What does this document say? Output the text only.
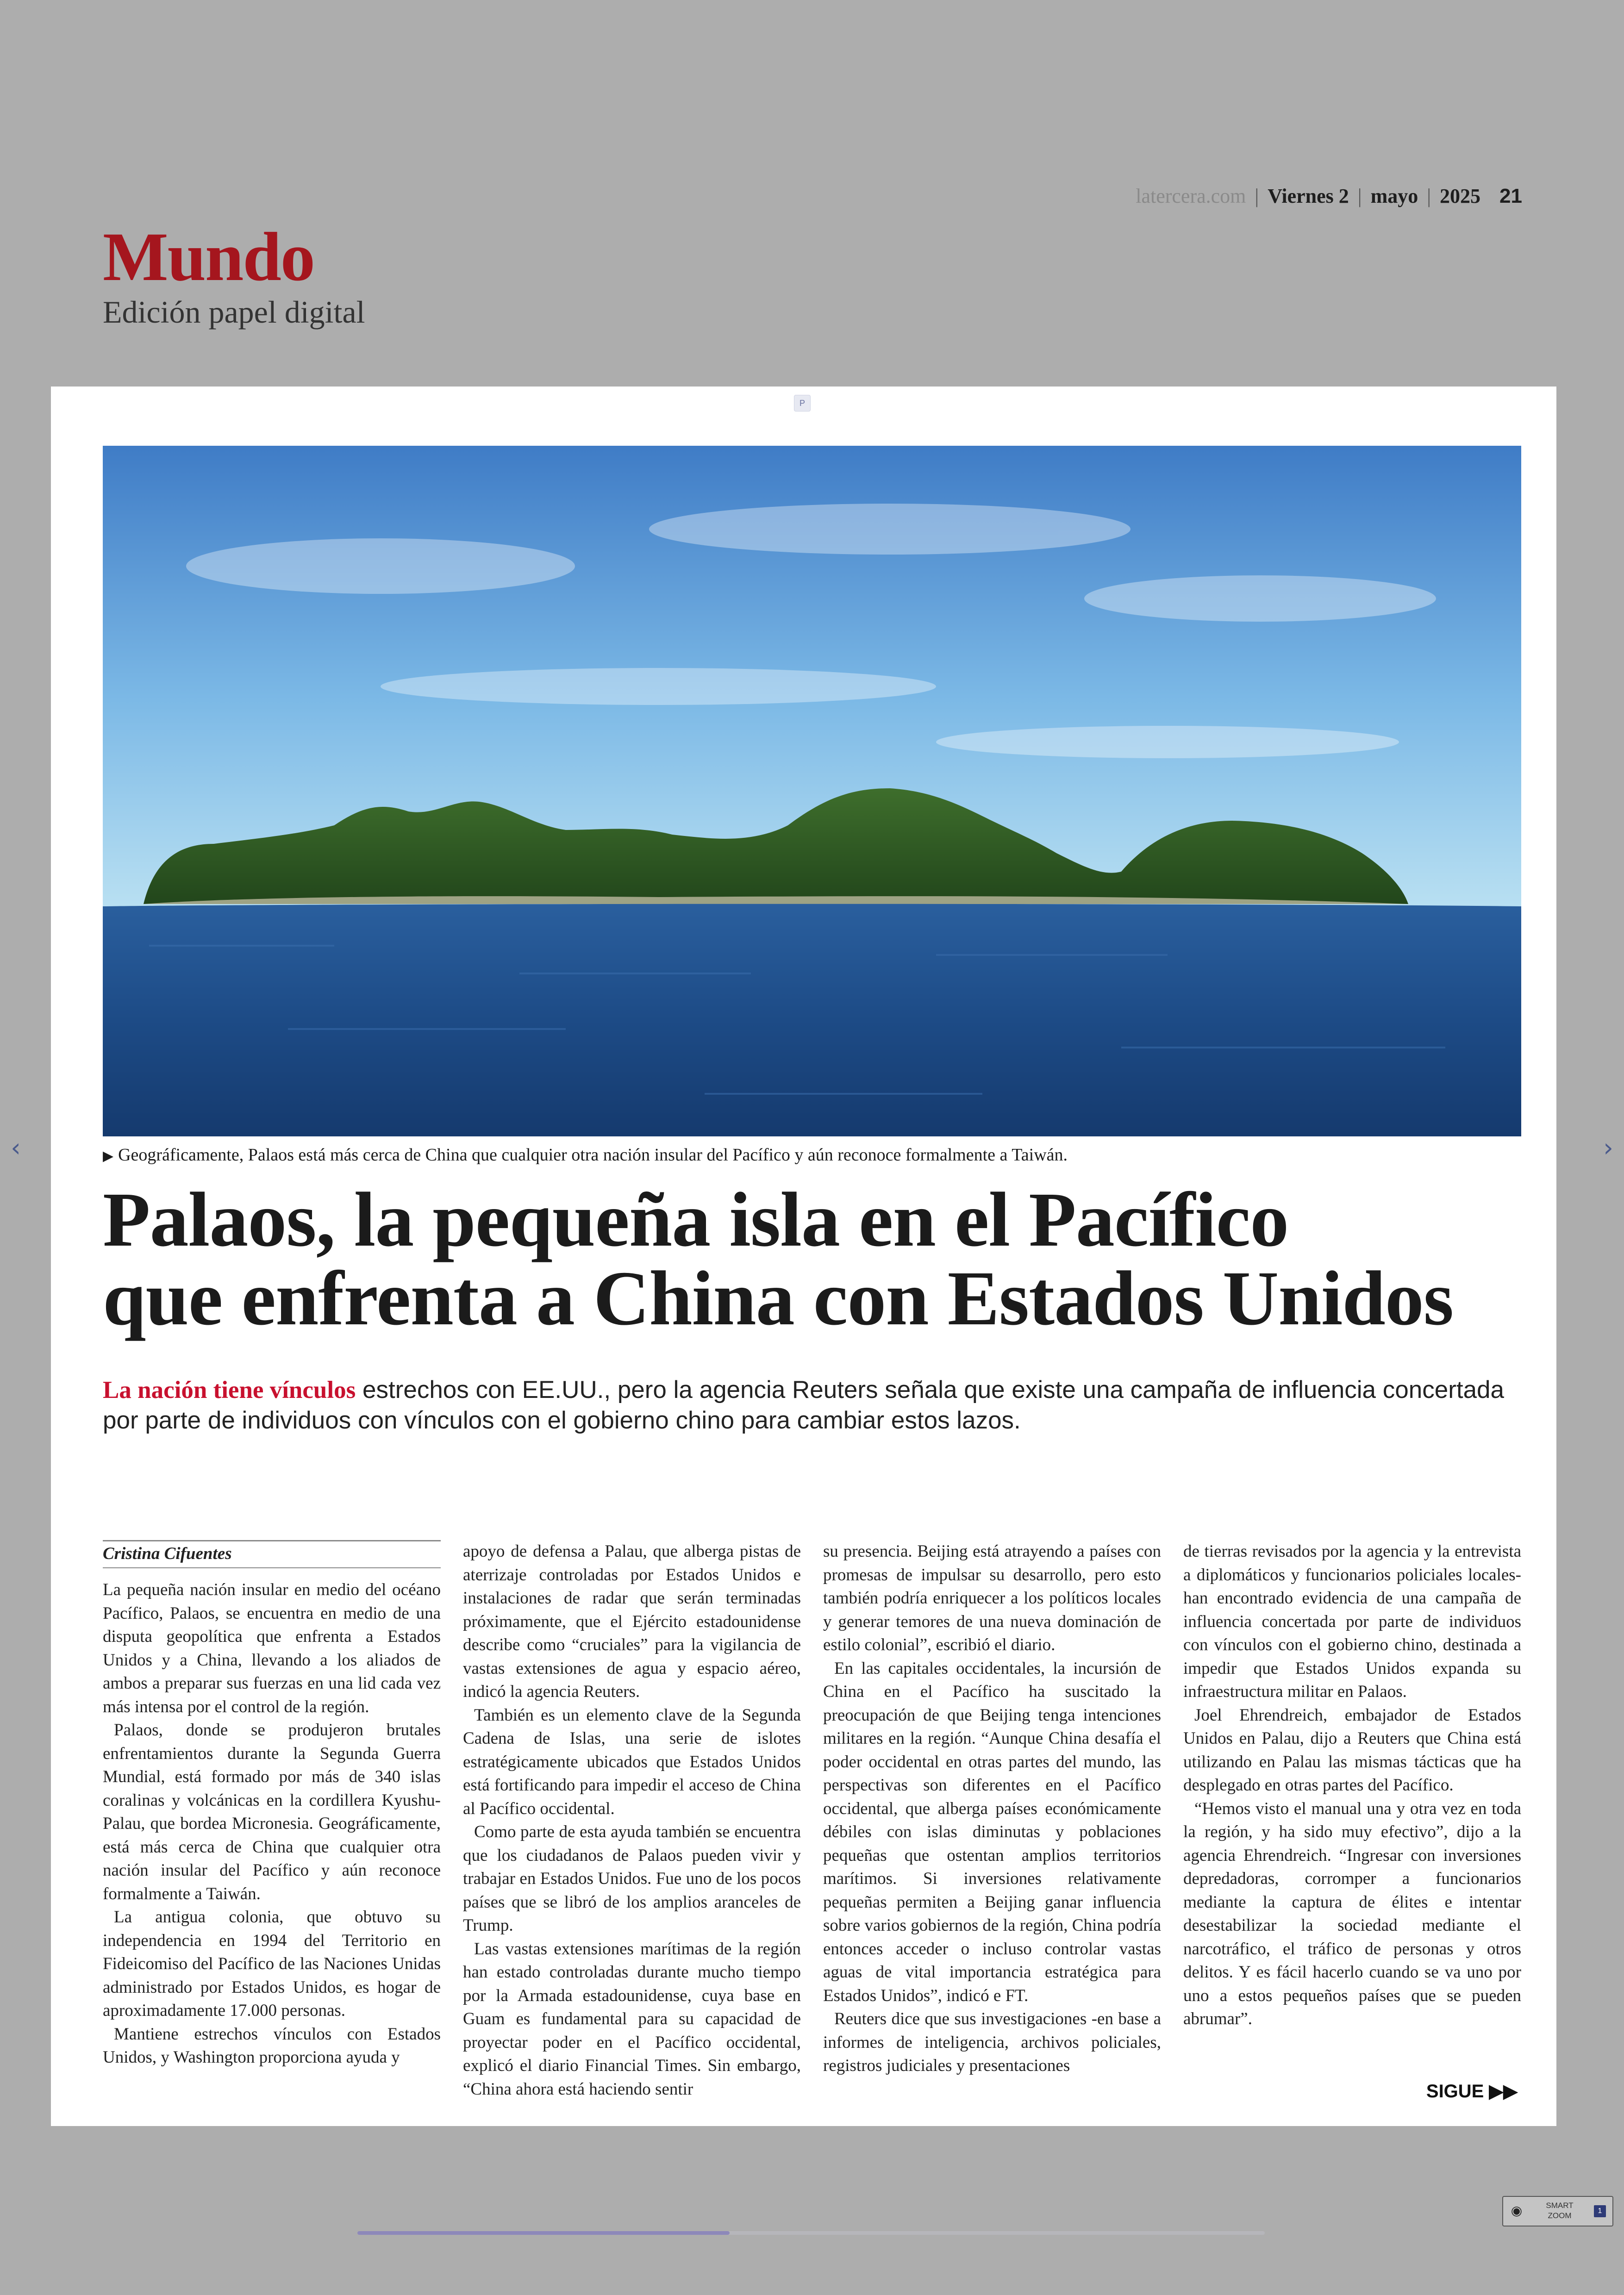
latercera.com | Viernes 2 | mayo | 2025 21
Mundo
Edición papel digital
P
▶ Geográficamente, Palaos está más cerca de China que cualquier otra nación insular del Pacífico y aún reconoce formalmente a Taiwán.
Palaos, la pequeña isla en el Pacífico
que enfrenta a China con Estados Unidos
La nación tiene vínculos estrechos con EE.UU., pero la agencia Reuters señala que existe una campaña de influencia concertada por parte de individuos con vínculos con el gobierno chino para cambiar estos lazos.
Cristina Cifuentes

La pequeña nación insular en medio del océano Pacífico, Palaos, se encuentra en medio de una disputa geopolítica que enfrenta a Estados Unidos y a China, llevando a los aliados de ambos a preparar sus fuerzas en una lid cada vez más intensa por el control de la región.

Palaos, donde se produjeron brutales enfrentamientos durante la Segunda Guerra Mundial, está formado por más de 340 islas coralinas y volcánicas en la cordillera Kyushu-Palau, que bordea Micronesia. Geográficamente, está más cerca de China que cualquier otra nación insular del Pacífico y aún reconoce formalmente a Taiwán.

La antigua colonia, que obtuvo su independencia en 1994 del Territorio en Fideicomiso del Pacífico de las Naciones Unidas administrado por Estados Unidos, es hogar de aproximadamente 17.000 personas.

Mantiene estrechos vínculos con Estados Unidos, y Washington proporciona ayuda y

apoyo de defensa a Palau, que alberga pistas de aterrizaje controladas por Estados Unidos e instalaciones de radar que serán terminadas próximamente, que el Ejército estadounidense describe como “cruciales” para la vigilancia de vastas extensiones de agua y espacio aéreo, indicó la agencia Reuters.

También es un elemento clave de la Segunda Cadena de Islas, una serie de islotes estratégicamente ubicados que Estados Unidos está fortificando para impedir el acceso de China al Pacífico occidental.

Como parte de esta ayuda también se encuentra que los ciudadanos de Palaos pueden vivir y trabajar en Estados Unidos. Fue uno de los pocos países que se libró de los amplios aranceles de Trump.

Las vastas extensiones marítimas de la región han estado controladas durante mucho tiempo por la Armada estadounidense, cuya base en Guam es fundamental para su capacidad de proyectar poder en el Pacífico occidental, explicó el diario Financial Times. Sin embargo, “China ahora está haciendo sentir

su presencia. Beijing está atrayendo a países con promesas de impulsar su desarrollo, pero esto también podría enriquecer a los políticos locales y generar temores de una nueva dominación de estilo colonial”, escribió el diario.

En las capitales occidentales, la incursión de China en el Pacífico ha suscitado la preocupación de que Beijing tenga intenciones militares en la región. “Aunque China desafía el poder occidental en otras partes del mundo, las perspectivas son diferentes en el Pacífico occidental, que alberga países económicamente débiles con islas diminutas y poblaciones pequeñas que ostentan amplios territorios marítimos. Si inversiones relativamente pequeñas permiten a Beijing ganar influencia sobre varios gobiernos de la región, China podría entonces acceder o incluso controlar vastas aguas de vital importancia estratégica para Estados Unidos”, indicó e FT.

Reuters dice que sus investigaciones -en base a informes de inteligencia, archivos policiales, registros judiciales y presentaciones

de tierras revisados por la agencia y la entrevista a diplomáticos y funcionarios policiales locales- han encontrado evidencia de una campaña de influencia concertada por parte de individuos con vínculos con el gobierno chino, destinada a impedir que Estados Unidos expanda su infraestructura militar en Palaos.

Joel Ehrendreich, embajador de Estados Unidos en Palau, dijo a Reuters que China está utilizando en Palau las mismas tácticas que ha desplegado en otras partes del Pacífico.

“Hemos visto el manual una y otra vez en toda la región, y ha sido muy efectivo”, dijo a la agencia Ehrendreich. “Ingresar con inversiones depredadoras, corromper a funcionarios mediante la captura de élites e intentar desestabilizar la sociedad mediante el narcotráfico, el tráfico de personas y otros delitos. Y es fácil hacerlo cuando se va uno por uno a estos pequeños países que se pueden abrumar”.

SIGUE ▶▶
‹	›
◉	SMART
ZOOM
1
